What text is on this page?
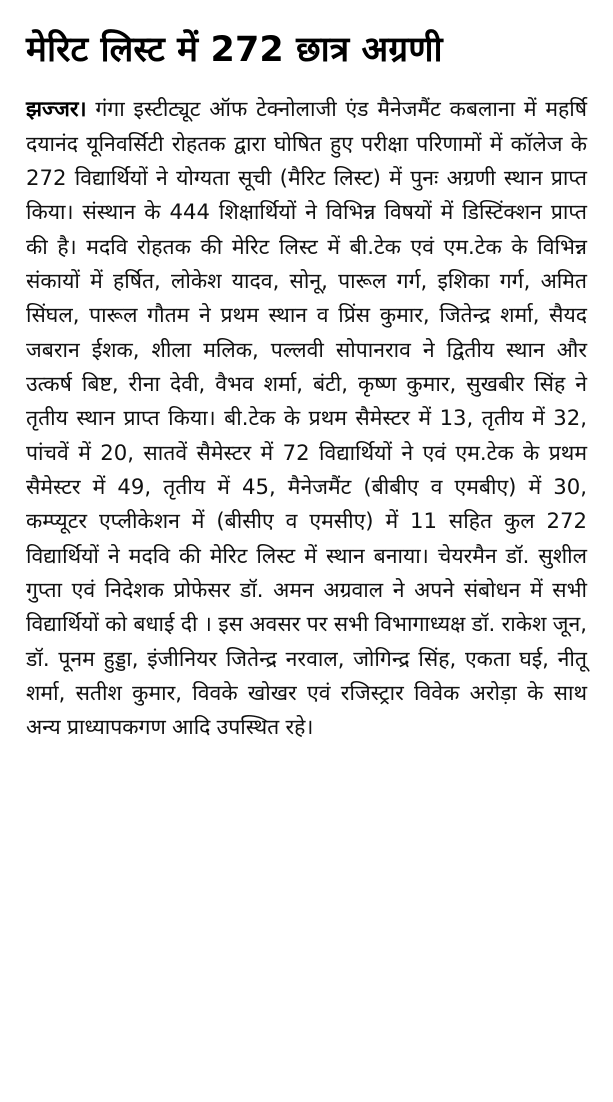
मेरिट लिस्ट में 272 छात्र अग्रणी

झज्जर। गंगा इस्टीट्यूट ऑफ टेक्नोलाजी एंड मैनेजमैंट कबलाना में महर्षि दयानंद यूनिवर्सिटी रोहतक द्वारा घोषित हुए परीक्षा परिणामों में कॉलेज के 272 विद्यार्थियों ने योग्यता सूची (मैरिट लिस्ट) में पुनः अग्रणी स्थान प्राप्त किया। संस्थान के 444 शिक्षार्थियों ने विभिन्न विषयों में डिस्टिंक्शन प्राप्त की है। मदवि रोहतक की मेरिट लिस्ट में बी.टेक एवं एम.टेक के विभिन्न संकायों में हर्षित, लोकेश यादव, सोनू, पारूल गर्ग, इशिका गर्ग, अमित सिंघल, पारूल गौतम ने प्रथम स्थान व प्रिंस कुमार, जितेन्द्र शर्मा, सैयद जबरान ईशक, शीला मलिक, पल्लवी सोपानराव ने द्वितीय स्थान और उत्कर्ष बिष्ट, रीना देवी, वैभव शर्मा, बंटी, कृष्ण कुमार, सुखबीर सिंह ने तृतीय स्थान प्राप्त किया। बी.टेक के प्रथम सैमेस्टर में 13, तृतीय में 32, पांचवें में 20, सातवें सैमेस्टर में 72 विद्यार्थियों ने एवं एम.टेक के प्रथम सैमेस्टर में 49, तृतीय में 45, मैनेजमैंट (बीबीए व एमबीए) में 30, कम्प्यूटर एप्लीकेशन में (बीसीए व एमसीए) में 11 सहित कुल 272 विद्यार्थियों ने मदवि की मेरिट लिस्ट में स्थान बनाया। चेयरमैन डॉ. सुशील गुप्ता एवं निदेशक प्रोफेसर डॉ. अमन अग्रवाल ने अपने संबोधन में सभी विद्यार्थियों को बधाई दी । इस अवसर पर सभी विभागाध्यक्ष डॉ. राकेश जून, डॉ. पूनम हुड्डा, इंजीनियर जितेन्द्र नरवाल, जोगिन्द्र सिंह, एकता घई, नीतू शर्मा, सतीश कुमार, विवके खोखर एवं रजिस्ट्रार विवेक अरोड़ा के साथ अन्य प्राध्यापकगण आदि उपस्थित रहे।
